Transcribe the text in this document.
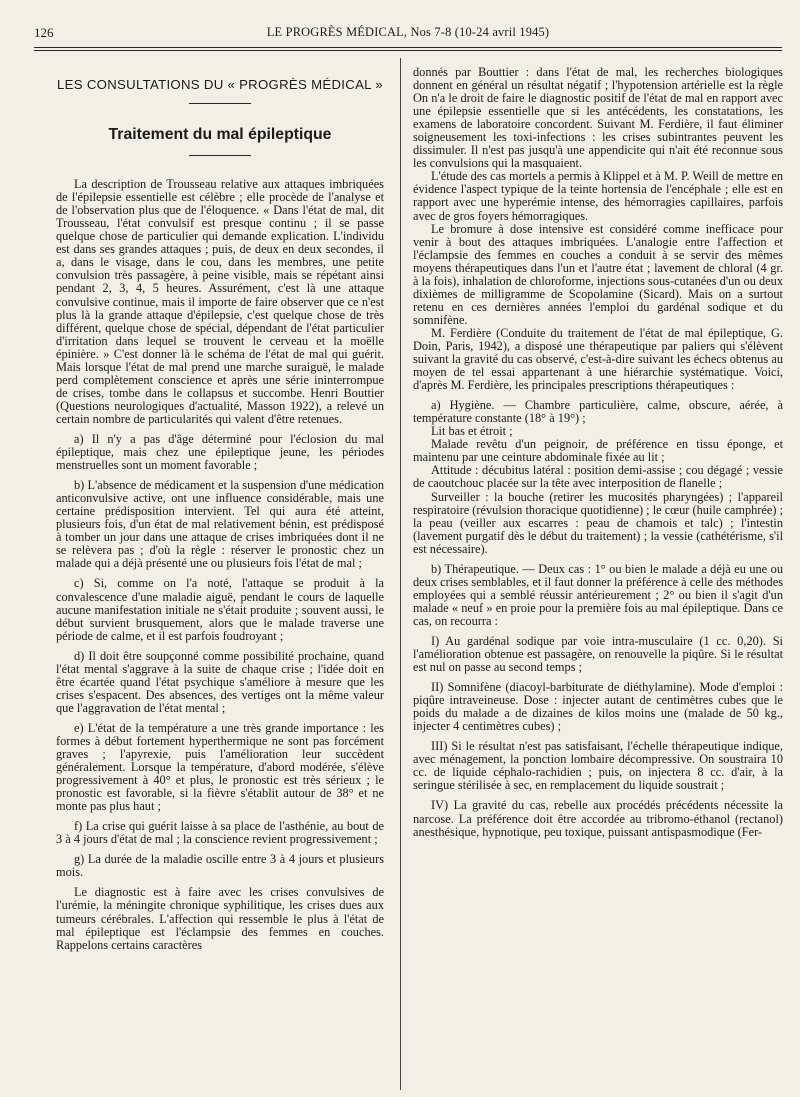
126	LE PROGRÈS MÉDICAL, Nos 7-8 (10-24 avril 1945)
LES CONSULTATIONS DU « PROGRÈS MÉDICAL »
Traitement du mal épileptique

La description de Trousseau relative aux attaques imbriquées de l'épilepsie essentielle est célèbre ; elle procède de l'analyse et de l'observation plus que de l'éloquence. « Dans l'état de mal, dit Trousseau, l'état convulsif est presque continu ; il se passe quelque chose de particulier qui demande explication. L'individu est dans ses grandes attaques ; puis, de deux en deux secondes, il a, dans le visage, dans le cou, dans les membres, une petite convulsion très passagère, à peine visible, mais se répétant ainsi pendant 2, 3, 4, 5 heures. Assurément, c'est là une attaque convulsive continue, mais il importe de faire observer que ce n'est plus là la grande attaque d'épilepsie, c'est quelque chose de très différent, quelque chose de spécial, dépendant de l'état particulier d'irritation dans lequel se trouvent le cerveau et la moëlle épinière. » C'est donner là le schéma de l'état de mal qui guérit. Mais lorsque l'état de mal prend une marche suraiguë, le malade perd complètement conscience et après une série ininterrompue de crises, tombe dans le collapsus et succombe. Henri Bouttier (Questions neurologiques d'actualité, Masson 1922), a relevé un certain nombre de particularités qui valent d'être retenues.

a) Il n'y a pas d'âge déterminé pour l'éclosion du mal épileptique, mais chez une épileptique jeune, les périodes menstruelles sont un moment favorable ;

b) L'absence de médicament et la suspension d'une médication anticonvulsive active, ont une influence considérable, mais une certaine prédisposition intervient. Tel qui aura été atteint, plusieurs fois, d'un état de mal relativement bénin, est prédisposé à tomber un jour dans une attaque de crises imbriquées dont il ne se relèvera pas ; d'où la règle : réserver le pronostic chez un malade qui a déjà présenté une ou plusieurs fois l'état de mal ;

c) Si, comme on l'a noté, l'attaque se produit à la convalescence d'une maladie aiguë, pendant le cours de laquelle aucune manifestation initiale ne s'était produite ; souvent aussi, le début survient brusquement, alors que le malade traverse une période de calme, et il est parfois foudroyant ;

d) Il doit être soupçonné comme possibilité prochaine, quand l'état mental s'aggrave à la suite de chaque crise ; l'idée doit en être écartée quand l'état psychique s'améliore à mesure que les crises s'espacent. Des absences, des vertiges ont la même valeur que l'aggravation de l'état mental ;

e) L'état de la température a une très grande importance : les formes à début fortement hyperthermique ne sont pas forcément graves ; l'apyrexie, puis l'amélioration leur succèdent généralement. Lorsque la température, d'abord modérée, s'élève progressivement à 40° et plus, le pronostic est très sérieux ; le pronostic est favorable, si la fièvre s'établit autour de 38° et ne monte pas plus haut ;

f) La crise qui guérit laisse à sa place de l'asthénie, au bout de 3 à 4 jours d'état de mal ; la conscience revient progressivement ;

g) La durée de la maladie oscille entre 3 à 4 jours et plusieurs mois.

Le diagnostic est à faire avec les crises convulsives de l'urémie, la méningite chronique syphilitique, les crises dues aux tumeurs cérébrales. L'affection qui ressemble le plus à l'état de mal épileptique est l'éclampsie des femmes en couches. Rappelons certains caractères

donnés par Bouttier : dans l'état de mal, les recherches biologiques donnent en général un résultat négatif ; l'hypotension artérielle est la règle On n'a le droit de faire le diagnostic positif de l'état de mal en rapport avec une épilepsie essentielle que si les antécédents, les constatations, les examens de laboratoire concordent. Suivant M. Ferdière, il faut éliminer soigneusement les toxi-infections : les crises subintrantes peuvent les dissimuler. Il n'est pas jusqu'à une appendicite qui n'ait été reconnue sous les convulsions qui la masquaient.

L'étude des cas mortels a permis à Klippel et à M. P. Weill de mettre en évidence l'aspect typique de la teinte hortensia de l'encéphale ; elle est en rapport avec une hyperémie intense, des hémorragies capillaires, parfois avec de gros foyers hémorragiques.

Le bromure à dose intensive est considéré comme inefficace pour venir à bout des attaques imbriquées. L'analogie entre l'affection et l'éclampsie des femmes en couches a conduit à se servir des mêmes moyens thérapeutiques dans l'un et l'autre état ; lavement de chloral (4 gr. à la fois), inhalation de chloroforme, injections sous-cutanées d'un ou deux dixièmes de milligramme de Scopolamine (Sicard). Mais on a surtout retenu en ces dernières années l'emploi du gardénal sodique et du somnifène.

M. Ferdière (Conduite du traitement de l'état de mal épileptique, G. Doin, Paris, 1942), a disposé une thérapeutique par paliers qui s'élèvent suivant la gravité du cas observé, c'est-à-dire suivant les échecs obtenus au moyen de tel essai appartenant à une hiérarchie systématique. Voici, d'après M. Ferdière, les principales prescriptions thérapeutiques :

a) Hygiène. — Chambre particulière, calme, obscure, aérée, à température constante (18° à 19°) ;

Lit bas et étroit ;

Malade revêtu d'un peignoir, de préférence en tissu éponge, et maintenu par une ceinture abdominale fixée au lit ;

Attitude : décubitus latéral : position demi-assise ; cou dégagé ; vessie de caoutchouc placée sur la tête avec interposition de flanelle ;

Surveiller : la bouche (retirer les mucosités pharyngées) ; l'appareil respiratoire (révulsion thoracique quotidienne) ; le cœur (huile camphrée) ; la peau (veiller aux escarres : peau de chamois et talc) ; l'intestin (lavement purgatif dès le début du traitement) ; la vessie (cathétérisme, s'il est nécessaire).

b) Thérapeutique. — Deux cas : 1° ou bien le malade a déjà eu une ou deux crises semblables, et il faut donner la préférence à celle des méthodes employées qui a semblé réussir antérieurement ; 2° ou bien il s'agit d'un malade « neuf » en proie pour la première fois au mal épileptique. Dans ce cas, on recourra :

I) Au gardénal sodique par voie intra-musculaire (1 cc. 0,20). Si l'amélioration obtenue est passagère, on renouvelle la piqûre. Si le résultat est nul on passe au second temps ;

II) Somnifène (diacoyl-barbiturate de diéthylamine). Mode d'emploi : piqûre intraveineuse. Dose : injecter autant de centimètres cubes que le poids du malade a de dizaines de kilos moins une (malade de 50 kg., injecter 4 centimètres cubes) ;

III) Si le résultat n'est pas satisfaisant, l'échelle thérapeutique indique, avec ménagement, la ponction lombaire décompressive. On soustraira 10 cc. de liquide céphalo-rachidien ; puis, on injectera 8 cc. d'air, à la seringue stérilisée à sec, en remplacement du liquide soustrait ;

IV) La gravité du cas, rebelle aux procédés précédents nécessite la narcose. La préférence doit être accordée au tribromo-éthanol (rectanol) anesthésique, hypnotique, peu toxique, puissant antispasmodique (Fer-
